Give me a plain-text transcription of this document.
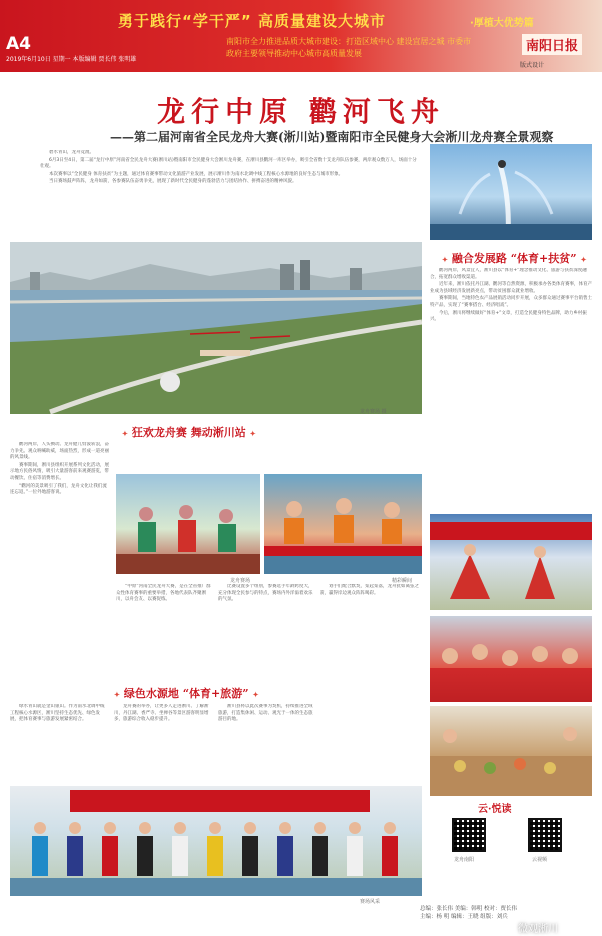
A4
勇于践行“学干严” 高质量建设大城市	·厚植大优势篇
南阳市全力推进品质大城市建设：打造区域中心 建设宜居之城 市委市政府主要领导推动中心城市高质量发展	南阳日报
2019年6月10日 星期一 本版编辑 贾长伟 张明雄
版式设计
龙行中原 鹳河飞舟
——第二届河南省全民龙舟大赛(淅川站)暨南阳市全民健身大会淅川龙舟赛全景观察

碧水青山，龙舟竞渡。

6月3日至4日，第二届“龙行中原”河南省全民龙舟大赛(淅川站)暨南阳市全民健身大会淅川龙舟赛，在淅川县鹳河一库区举办，吸引全省数十支龙舟队伍参赛，两岸观众数万人，场面十分壮观。

本次赛事以“全民健身 体育扶贫”为主题，通过体育赛事带动文化旅游产业发展，展示淅川作为南水北调中线工程核心水源地的良好生态与城市形象。

当日赛场鼓声阵阵，龙舟如箭，各参赛队伍奋勇争先，展现了新时代全民健身的蓬勃活力与团结协作、拼搏奋进的精神风貌。

龙舟赛场 摄
✦ 融合发展路 “体育+扶贫” ✦

鹳河两岸，风景宜人，淅川县以“体育+”理念推动文化、旅游与扶贫深度融合，拓宽群众增收渠道。

近年来，淅川依托丹江湖、鹳河等自然资源，积极承办各类体育赛事，体育产业成为县域经济发展新亮点，带动贫困群众就业增收。

赛事期间，当地特色农产品展销活动同步开展，众多群众通过赛事平台销售土特产品，实现了“赛事搭台、经济唱戏”。

今后，淅川将继续做好“体育+”文章，打造全民健身特色品牌，助力乡村振兴。

✦ 狂欢龙舟赛 舞动淅川站 ✦

鹳河两岸，人头攒动。龙舟健儿劈波斩浪，奋力争先。观众呐喊助威，场面热烈，形成一道亮丽的风景线。

赛事期间，淅川县组织开展系列文化活动，展示地方民俗风情，吸引大量游客前来观赛游览，带动餐饮、住宿等消费增长。

“鹳河的美景吸引了我们，龙舟文化让我们流连忘返。”一位外地游客说。

龙舟赛场	精彩瞬间

“中原”河南全民龙舟大赛，是在全省推广群众性体育赛事的重要举措，各地代表队齐聚淅川，以舟会友、以赛促练。

比赛设置多个组别，参赛选手年龄跨度大，充分体现全民参与的特点，赛场内外洋溢着欢乐的气氛。

划手们配合默契，桨起桨落，龙舟犹如离弦之箭，赢得岸边观众阵阵喝彩。

✦ 绿色水源地 “体育+旅游” ✦

绿水青山就是金山银山。作为南水北调中线工程核心水源区，淅川坚持生态优先、绿色发展，把体育赛事与旅游发展紧密结合。

龙舟赛的举办，让更多人走进淅川、了解淅川，丹江湖、香严寺、坐禅谷等景区游客明显增多，旅游综合收入稳步提升。

淅川县将以此次赛事为契机，持续推进全域旅游，打造集休闲、运动、观光于一体的生态旅游目的地。

赛场风采
云·悦读
龙舟南阳	云视频
总编：张长伟 美编：韩明 校对：贾长伟
主编：杨 明 编辑：王晓 组版：刘兵
微观淅川
